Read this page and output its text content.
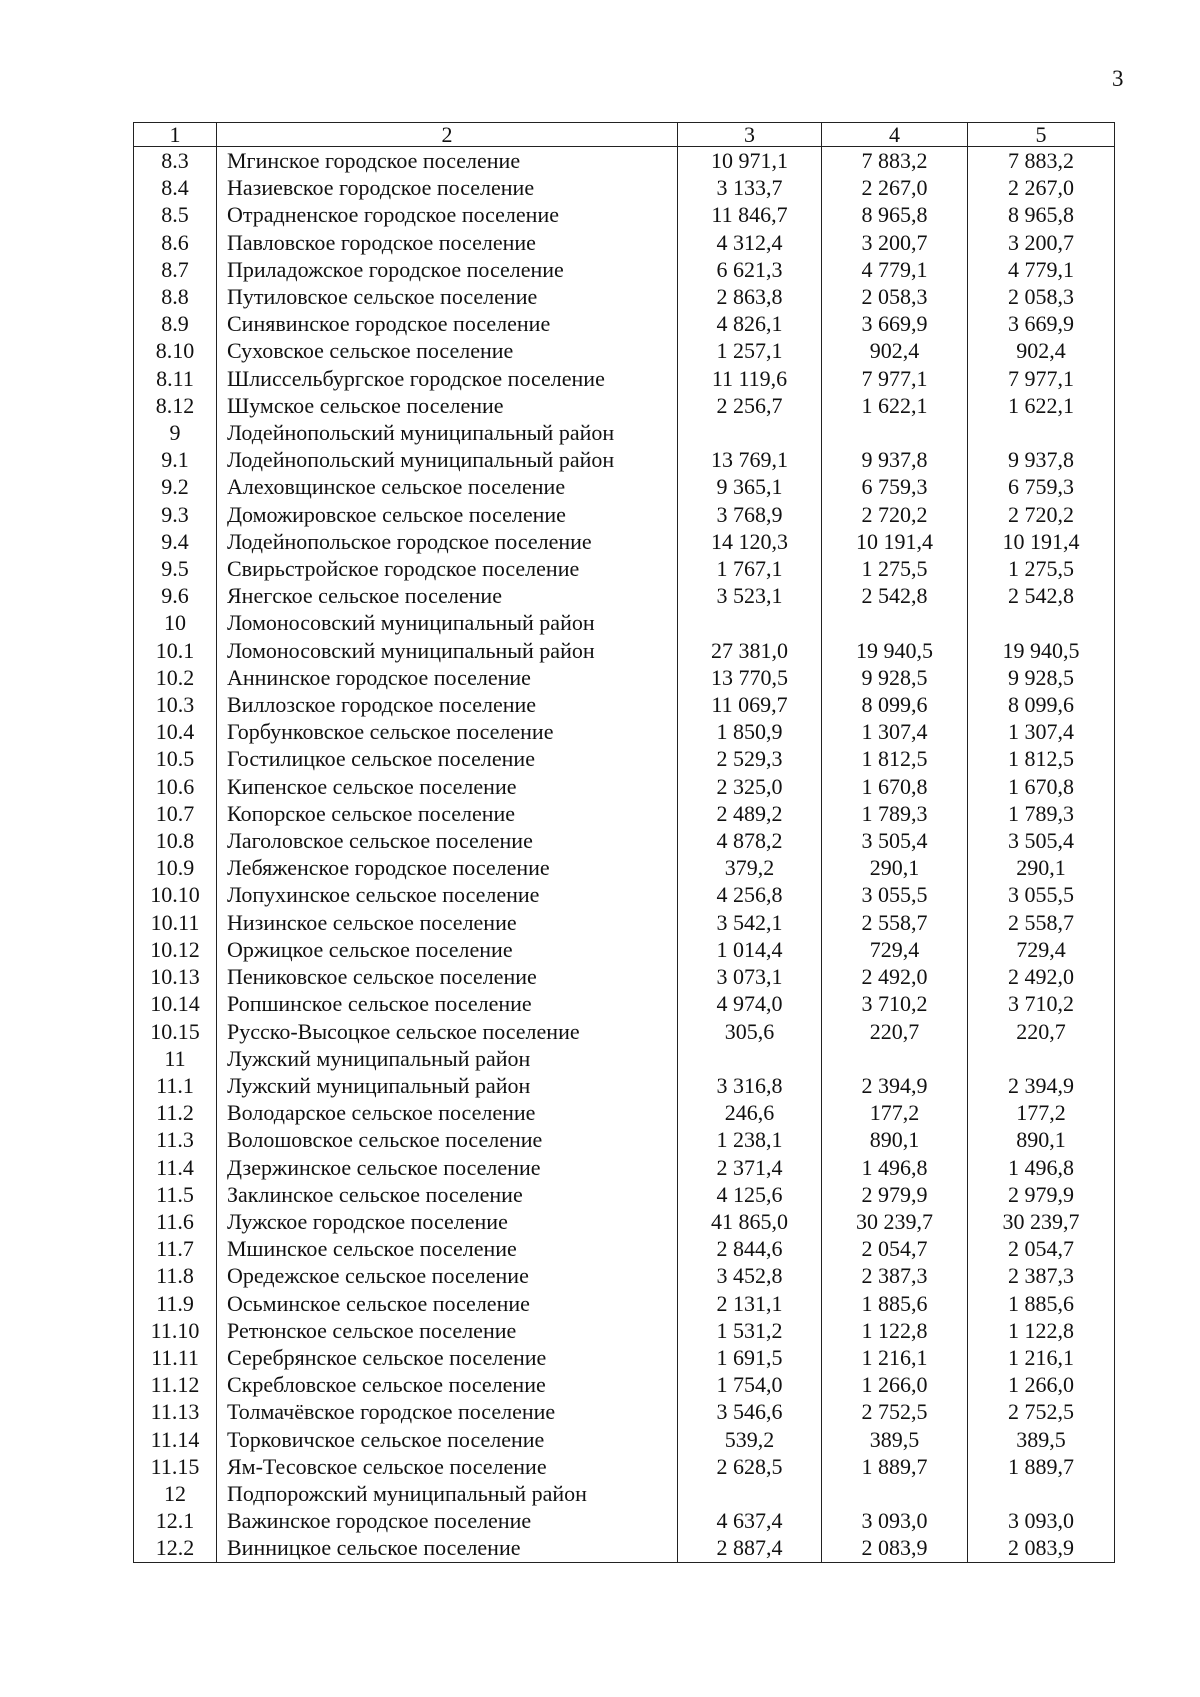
3
1	2	3	4	5
8.3	Мгинское городское поселение	10 971,1	7 883,2	7 883,2
8.4	Назиевское городское поселение	3 133,7	2 267,0	2 267,0
8.5	Отрадненское городское поселение	11 846,7	8 965,8	8 965,8
8.6	Павловское городское поселение	4 312,4	3 200,7	3 200,7
8.7	Приладожское городское поселение	6 621,3	4 779,1	4 779,1
8.8	Путиловское сельское поселение	2 863,8	2 058,3	2 058,3
8.9	Синявинское городское поселение	4 826,1	3 669,9	3 669,9
8.10	Суховское сельское поселение	1 257,1	902,4	902,4
8.11	Шлиссельбургское городское поселение	11 119,6	7 977,1	7 977,1
8.12	Шумское сельское поселение	2 256,7	1 622,1	1 622,1
9	Лодейнопольский муниципальный район			
9.1	Лодейнопольский муниципальный район	13 769,1	9 937,8	9 937,8
9.2	Алеховщинское сельское поселение	9 365,1	6 759,3	6 759,3
9.3	Доможировское сельское поселение	3 768,9	2 720,2	2 720,2
9.4	Лодейнопольское городское поселение	14 120,3	10 191,4	10 191,4
9.5	Свирьстройское городское поселение	1 767,1	1 275,5	1 275,5
9.6	Янегское сельское поселение	3 523,1	2 542,8	2 542,8
10	Ломоносовский муниципальный район			
10.1	Ломоносовский муниципальный район	27 381,0	19 940,5	19 940,5
10.2	Аннинское городское поселение	13 770,5	9 928,5	9 928,5
10.3	Виллозское городское поселение	11 069,7	8 099,6	8 099,6
10.4	Горбунковское сельское поселение	1 850,9	1 307,4	1 307,4
10.5	Гостилицкое сельское поселение	2 529,3	1 812,5	1 812,5
10.6	Кипенское сельское поселение	2 325,0	1 670,8	1 670,8
10.7	Копорское сельское поселение	2 489,2	1 789,3	1 789,3
10.8	Лаголовское сельское поселение	4 878,2	3 505,4	3 505,4
10.9	Лебяженское городское поселение	379,2	290,1	290,1
10.10	Лопухинское сельское поселение	4 256,8	3 055,5	3 055,5
10.11	Низинское сельское поселение	3 542,1	2 558,7	2 558,7
10.12	Оржицкое сельское поселение	1 014,4	729,4	729,4
10.13	Пениковское сельское поселение	3 073,1	2 492,0	2 492,0
10.14	Ропшинское сельское поселение	4 974,0	3 710,2	3 710,2
10.15	Русско-Высоцкое сельское поселение	305,6	220,7	220,7
11	Лужский муниципальный район			
11.1	Лужский муниципальный район	3 316,8	2 394,9	2 394,9
11.2	Володарское сельское поселение	246,6	177,2	177,2
11.3	Волошовское сельское поселение	1 238,1	890,1	890,1
11.4	Дзержинское сельское поселение	2 371,4	1 496,8	1 496,8
11.5	Заклинское сельское поселение	4 125,6	2 979,9	2 979,9
11.6	Лужское городское поселение	41 865,0	30 239,7	30 239,7
11.7	Мшинское сельское поселение	2 844,6	2 054,7	2 054,7
11.8	Оредежское сельское поселение	3 452,8	2 387,3	2 387,3
11.9	Осьминское сельское поселение	2 131,1	1 885,6	1 885,6
11.10	Ретюнское сельское поселение	1 531,2	1 122,8	1 122,8
11.11	Серебрянское сельское поселение	1 691,5	1 216,1	1 216,1
11.12	Скребловское сельское поселение	1 754,0	1 266,0	1 266,0
11.13	Толмачёвское городское поселение	3 546,6	2 752,5	2 752,5
11.14	Торковичское сельское поселение	539,2	389,5	389,5
11.15	Ям-Тесовское сельское поселение	2 628,5	1 889,7	1 889,7
12	Подпорожский муниципальный район			
12.1	Важинское городское поселение	4 637,4	3 093,0	3 093,0
12.2	Винницкое сельское поселение	2 887,4	2 083,9	2 083,9
